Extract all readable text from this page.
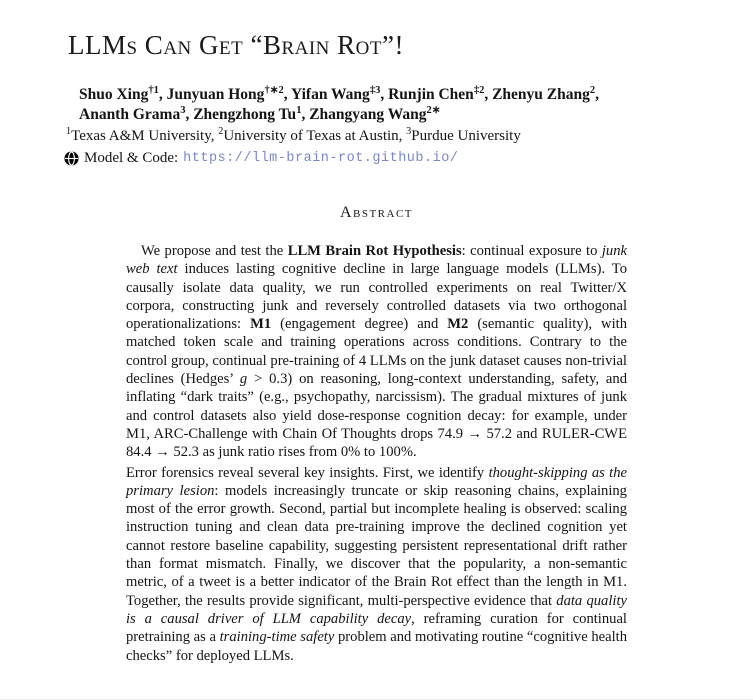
LLMs Can Get “Brain Rot”!
Shuo Xing$^{\dagger 1}$, Junyuan Hong$^{\dagger∗2}$, Yifan Wang$^{\ddagger 3}$, Runjin Chen$^{\ddagger 2}$, Zhenyu Zhang$^2$,
Ananth Grama$^3$, Zhengzhong Tu$^1$, Zhangyang Wang$^{2∗}$
$^1$Texas A&M University, $^2$University of Texas at Austin, $^3$Purdue University
Model & Code: https://llm-brain-rot.github.io/
Abstract

We propose and test the LLM Brain Rot Hypothesis: continual exposure to junk web text induces lasting cognitive decline in large language models (LLMs). To causally isolate data quality, we run controlled experiments on real Twitter/X corpora, constructing junk and reversely controlled datasets via two orthogonal operationalizations: M1 (engagement degree) and M2 (semantic quality), with matched token scale and training operations across conditions. Contrary to the control group, continual pre-training of 4 LLMs on the junk dataset causes non-trivial declines (Hedges’ g > 0.3) on reasoning, long-context understanding, safety, and inflating “dark traits” (e.g., psychopathy, narcissism). The gradual mixtures of junk and control datasets also yield dose-response cognition decay: for example, under M1, ARC-Challenge with Chain Of Thoughts drops 74.9 → 57.2 and RULER-CWE 84.4 → 52.3 as junk ratio rises from 0% to 100%.

Error forensics reveal several key insights. First, we identify thought-skipping as the primary lesion: models increasingly truncate or skip reasoning chains, explaining most of the error growth. Second, partial but incomplete healing is observed: scaling instruction tuning and clean data pre-training improve the declined cognition yet cannot restore baseline capability, suggesting persistent representational drift rather than format mismatch. Finally, we discover that the popularity, a non-semantic metric, of a tweet is a better indicator of the Brain Rot effect than the length in M1. Together, the results provide significant, multi-perspective evidence that data quality is a causal driver of LLM capability decay, reframing curation for continual pretraining as a training-time safety problem and motivating routine “cognitive health checks” for deployed LLMs.
